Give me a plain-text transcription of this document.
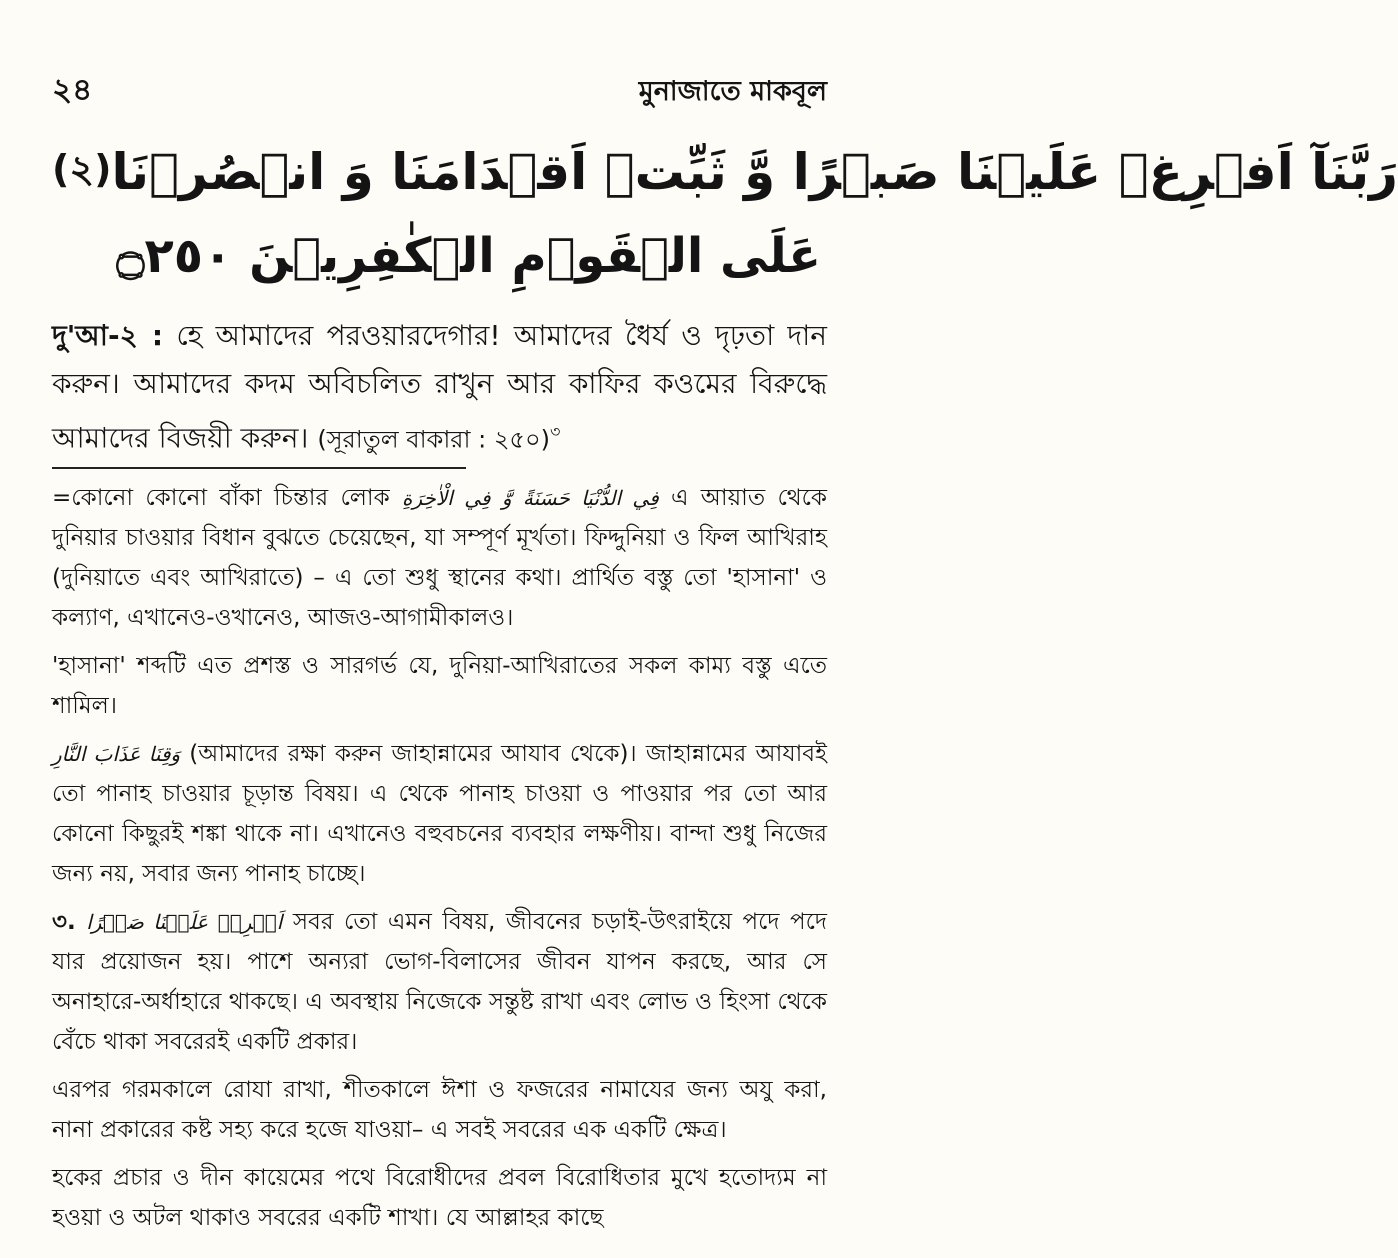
২৪	মুনাজাতে মাকবূল
(২) رَبَّنَآ اَفۡرِغۡ عَلَيۡنَا صَبۡرًا وَّ ثَبِّتۡ اَقۡدَامَنَا وَ انۡصُرۡنَا
عَلَى الۡقَوۡمِ الۡكٰفِرِيۡنَ ۝٢٥٠
দু'আ-২ : হে আমাদের পরওয়ারদেগার! আমাদের ধৈর্য ও দৃঢ়তা দান করুন। আমাদের কদম অবিচলিত রাখুন আর কাফির কওমের বিরুদ্ধে আমাদের বিজয়ী করুন। (সূরাতুল বাকারা : ২৫০)$^৩$

=কোনো কোনো বাঁকা চিন্তার লোক فِي الدُّنْيَا حَسَنَةً وَّ فِي الْاٰخِرَةِ এ আয়াত থেকে দুনিয়ার চাওয়ার বিধান বুঝতে চেয়েছেন, যা সম্পূর্ণ মূর্খতা। ফিদ্দুনিয়া ও ফিল আখিরাহ (দুনিয়াতে এবং আখিরাতে) – এ তো শুধু স্থানের কথা। প্রার্থিত বস্তু তো 'হাসানা' ও কল্যাণ, এখানেও-ওখানেও, আজও-আগামীকালও।

'হাসানা' শব্দটি এত প্রশস্ত ও সারগর্ভ যে, দুনিয়া-আখিরাতের সকল কাম্য বস্তু এতে শামিল।

وَقِنَا عَذَابَ النَّارِ (আমাদের রক্ষা করুন জাহান্নামের আযাব থেকে)। জাহান্নামের আযাবই তো পানাহ চাওয়ার চূড়ান্ত বিষয়। এ থেকে পানাহ চাওয়া ও পাওয়ার পর তো আর কোনো কিছুরই শঙ্কা থাকে না। এখানেও বহুবচনের ব্যবহার লক্ষণীয়। বান্দা শুধু নিজের জন্য নয়, সবার জন্য পানাহ চাচ্ছে।

৩. اَفۡرِغۡ عَلَيۡنَا صَبۡرًا সবর তো এমন বিষয়, জীবনের চড়াই-উৎরাইয়ে পদে পদে যার প্রয়োজন হয়। পাশে অন্যরা ভোগ-বিলাসের জীবন যাপন করছে, আর সে অনাহারে-অর্ধাহারে থাকছে। এ অবস্থায় নিজেকে সন্তুষ্ট রাখা এবং লোভ ও হিংসা থেকে বেঁচে থাকা সবরেরই একটি প্রকার।

এরপর গরমকালে রোযা রাখা, শীতকালে ঈশা ও ফজরের নামাযের জন্য অযু করা, নানা প্রকারের কষ্ট সহ্য করে হজে যাওয়া– এ সবই সবরের এক একটি ক্ষেত্র।

হকের প্রচার ও দীন কায়েমের পথে বিরোধীদের প্রবল বিরোধিতার মুখে হতোদ্যম না হওয়া ও অটল থাকাও সবরের একটি শাখা। যে আল্লাহর কাছে
